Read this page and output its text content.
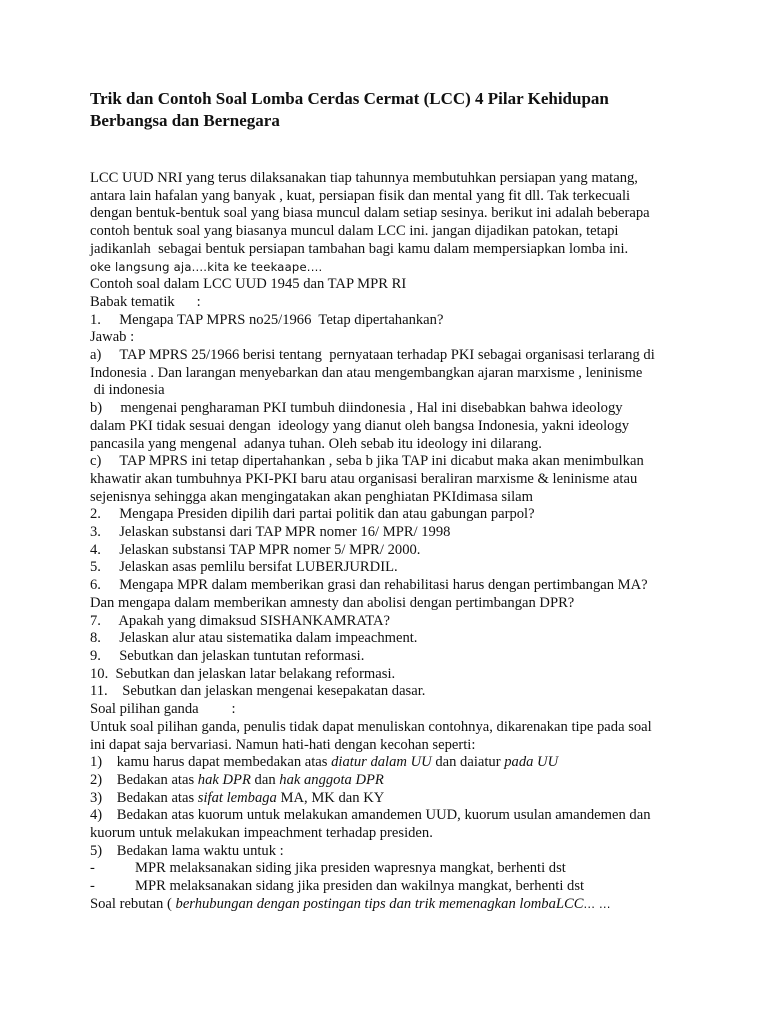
Trik dan Contoh Soal Lomba Cerdas Cermat (LCC) 4 Pilar Kehidupan
Berbangsa dan Bernegara
LCC UUD NRI yang terus dilaksanakan tiap tahunnya membutuhkan persiapan yang matang,
antara lain hafalan yang banyak , kuat, persiapan fisik dan mental yang fit dll. Tak terkecuali
dengan bentuk-bentuk soal yang biasa muncul dalam setiap sesinya. berikut ini adalah beberapa
contoh bentuk soal yang biasanya muncul dalam LCC ini. jangan dijadikan patokan, tetapi
jadikanlah  sebagai bentuk persiapan tambahan bagi kamu dalam mempersiapkan lomba ini.
oke langsung aja....kita ke teekaape....
Contoh soal dalam LCC UUD 1945 dan TAP MPR RI
Babak tematik      :
1.     Mengapa TAP MPRS no25/1966  Tetap dipertahankan?
Jawab :
a)     TAP MPRS 25/1966 berisi tentang  pernyataan terhadap PKI sebagai organisasi terlarang di
Indonesia . Dan larangan menyebarkan dan atau mengembangkan ajaran marxisme , leninisme
di indonesia
b)     mengenai pengharaman PKI tumbuh diindonesia , Hal ini disebabkan bahwa ideology
dalam PKI tidak sesuai dengan  ideology yang dianut oleh bangsa Indonesia, yakni ideology
pancasila yang mengenal  adanya tuhan. Oleh sebab itu ideology ini dilarang.
c)     TAP MPRS ini tetap dipertahankan , seba b jika TAP ini dicabut maka akan menimbulkan
khawatir akan tumbuhnya PKI-PKI baru atau organisasi beraliran marxisme & leninisme atau
sejenisnya sehingga akan mengingatakan akan penghiatan PKIdimasa silam
2.     Mengapa Presiden dipilih dari partai politik dan atau gabungan parpol?
3.     Jelaskan substansi dari TAP MPR nomer 16/ MPR/ 1998
4.     Jelaskan substansi TAP MPR nomer 5/ MPR/ 2000.
5.     Jelaskan asas pemlilu bersifat LUBERJURDIL.
6.     Mengapa MPR dalam memberikan grasi dan rehabilitasi harus dengan pertimbangan MA?
Dan mengapa dalam memberikan amnesty dan abolisi dengan pertimbangan DPR?
7.     Apakah yang dimaksud SISHANKAMRATA?
8.     Jelaskan alur atau sistematika dalam impeachment.
9.     Sebutkan dan jelaskan tuntutan reformasi.
10.  Sebutkan dan jelaskan latar belakang reformasi.
11.    Sebutkan dan jelaskan mengenai kesepakatan dasar.
Soal pilihan ganda         :
Untuk soal pilihan ganda, penulis tidak dapat menuliskan contohnya, dikarenakan tipe pada soal
ini dapat saja bervariasi. Namun hati-hati dengan kecohan seperti:
1)    kamu harus dapat membedakan atas diatur dalam UU dan daiatur pada UU
2)    Bedakan atas hak DPR dan hak anggota DPR
3)    Bedakan atas sifat lembaga MA, MK dan KY
4)    Bedakan atas kuorum untuk melakukan amandemen UUD, kuorum usulan amandemen dan
kuorum untuk melakukan impeachment terhadap presiden.
5)    Bedakan lama waktu untuk :
-           MPR melaksanakan siding jika presiden wapresnya mangkat, berhenti dst
-           MPR melaksanakan sidang jika presiden dan wakilnya mangkat, berhenti dst
Soal rebutan ( berhubungan dengan postingan tips dan trik memenagkan lombaLCC... ...
